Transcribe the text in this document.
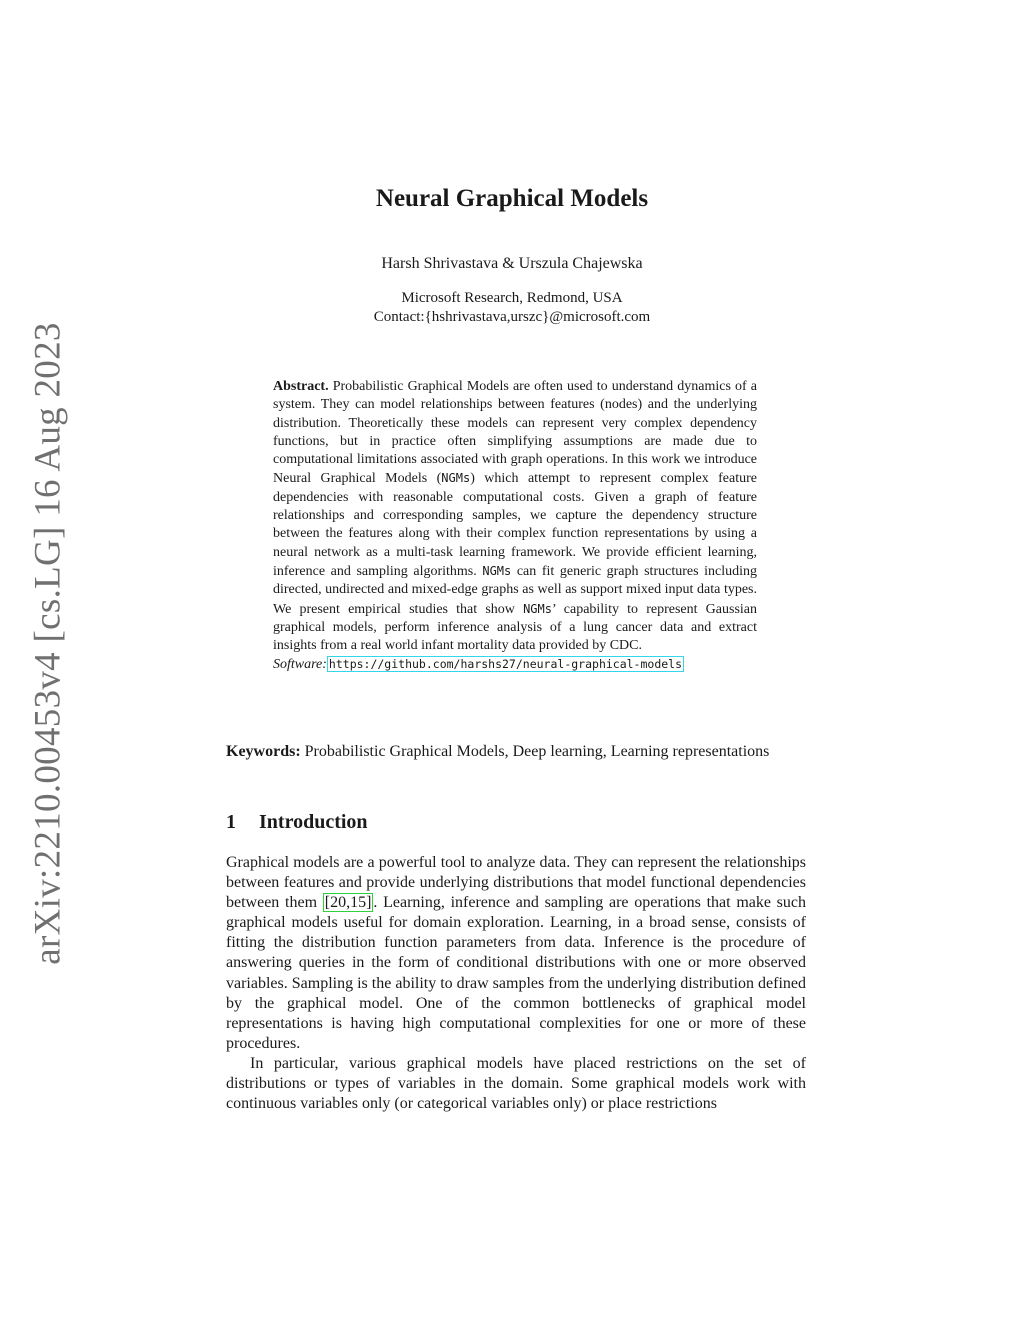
arXiv:2210.00453v4 [cs.LG] 16 Aug 2023
Neural Graphical Models
Harsh Shrivastava & Urszula Chajewska
Microsoft Research, Redmond, USA
Contact:{hshrivastava,urszc}@microsoft.com
Abstract. Probabilistic Graphical Models are often used to understand dynamics of a system. They can model relationships between features (nodes) and the underlying distribution. Theoretically these models can represent very complex dependency functions, but in practice often simplifying assumptions are made due to computational limitations associated with graph operations. In this work we introduce Neural Graphical Models (NGMs) which attempt to represent complex feature dependencies with reasonable computational costs. Given a graph of feature relationships and corresponding samples, we capture the dependency structure between the features along with their complex function representations by using a neural network as a multi-task learning framework. We provide efficient learning, inference and sampling algorithms. NGMs can fit generic graph structures including directed, undirected and mixed-edge graphs as well as support mixed input data types. We present empirical studies that show NGMs’ capability to represent Gaussian graphical models, perform inference analysis of a lung cancer data and extract insights from a real world infant mortality data provided by CDC.
Software: https://github.com/harshs27/neural-graphical-models
Keywords: Probabilistic Graphical Models, Deep learning, Learning representations
1 Introduction

Graphical models are a powerful tool to analyze data. They can represent the relationships between features and provide underlying distributions that model functional dependencies between them [20,15] . Learning, inference and sampling are operations that make such graphical models useful for domain exploration. Learning, in a broad sense, consists of fitting the distribution function parameters from data. Inference is the procedure of answering queries in the form of conditional distributions with one or more observed variables. Sampling is the ability to draw samples from the underlying distribution defined by the graphical model. One of the common bottlenecks of graphical model representations is having high computational complexities for one or more of these procedures.

In particular, various graphical models have placed restrictions on the set of distributions or types of variables in the domain. Some graphical models work with continuous variables only (or categorical variables only) or place restrictions
